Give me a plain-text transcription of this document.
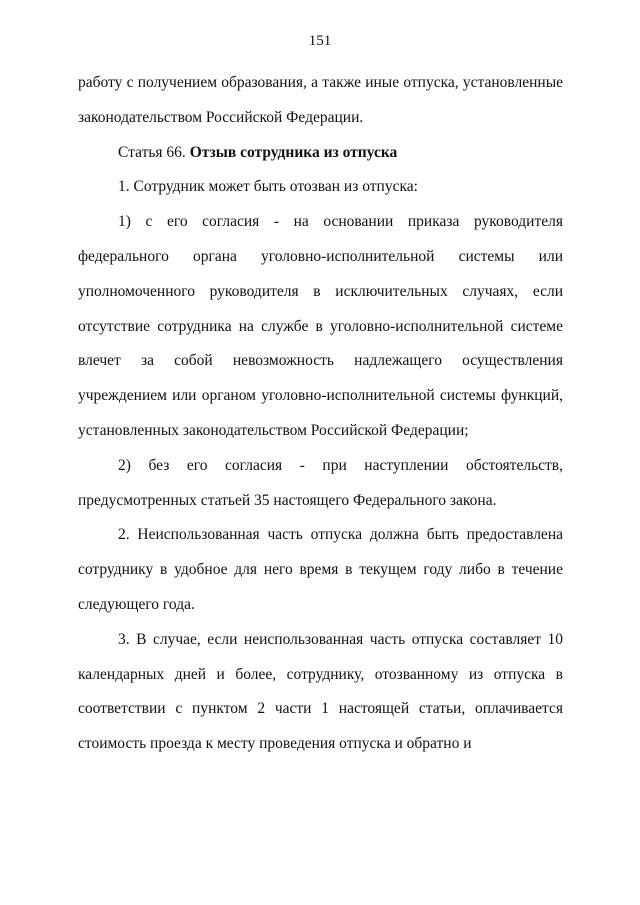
151

работу с получением образования, а также иные отпуска, установленные законодательством Российской Федерации.

Статья 66. Отзыв сотрудника из отпуска

1. Сотрудник может быть отозван из отпуска:

1) с его согласия - на основании приказа руководителя федерального органа уголовно-исполнительной системы или уполномоченного руководителя в исключительных случаях, если отсутствие сотрудника на службе в уголовно-исполнительной системе влечет за собой невозможность надлежащего осуществления учреждением или органом уголовно-исполнительной системы функций, установленных законодательством Российской Федерации;

2) без его согласия - при наступлении обстоятельств, предусмотренных статьей 35 настоящего Федерального закона.

2. Неиспользованная часть отпуска должна быть предоставлена сотруднику в удобное для него время в текущем году либо в течение следующего года.

3. В случае, если неиспользованная часть отпуска составляет 10 календарных дней и более, сотруднику, отозванному из отпуска в соответствии с пунктом 2 части 1 настоящей статьи, оплачивается стоимость проезда к месту проведения отпуска и обратно и
